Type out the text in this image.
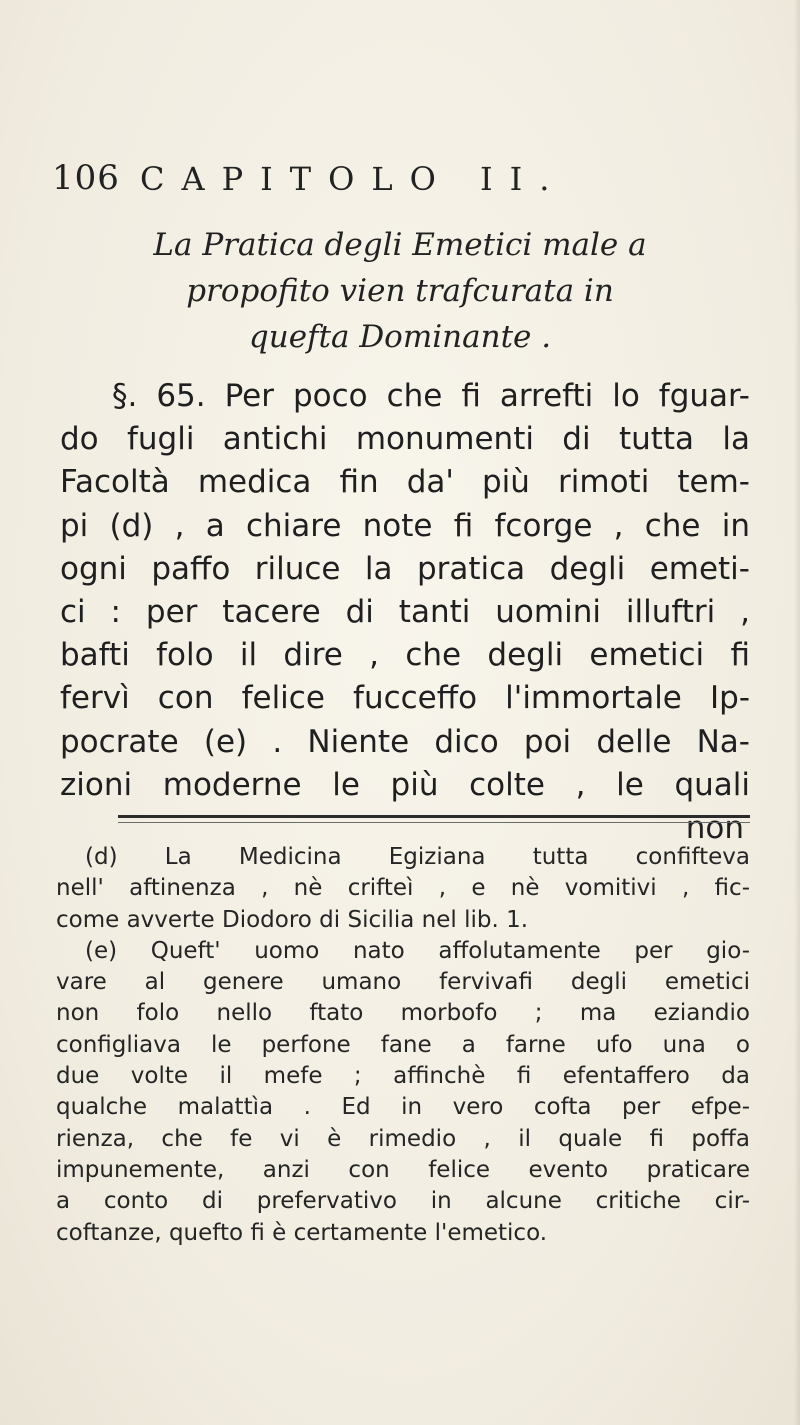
106 CAPITOLO II.
La Pratica degli Emetici male a
propofito vien trafcurata in
quefta Dominante .
§. 65. Per poco che fi arrefti lo fguar-
do fugli antichi monumenti di tutta la
Facoltà medica fin da' più rimoti tem-
pi (d) , a chiare note fi fcorge , che in
ogni paffo riluce la pratica degli emeti-
ci : per tacere di tanti uomini illuftri ,
bafti folo il dire , che degli emetici fi
fervì con felice fucceffo l'immortale Ip-
pocrate (e) . Niente dico poi delle Na-
zioni moderne le più colte , le quali
non
(d) La Medicina Egiziana tutta confifteva
nell' aftinenza , nè crifteì , e nè vomitivi , fic-
come avverte Diodoro di Sicilia nel lib. 1.
(e) Queft' uomo nato affolutamente per gio-
vare al genere umano fervivafi degli emetici
non folo nello ftato morbofo ; ma eziandio
configliava le perfone fane a farne ufo una o
due volte il mefe ; affinchè fi efentaffero da
qualche malattìa . Ed in vero cofta per efpe-
rienza, che fe vi è rimedio , il quale fi poffa
impunemente, anzi con felice evento praticare
a conto di prefervativo in alcune critiche cir-
coftanze, quefto fi è certamente l'emetico.
